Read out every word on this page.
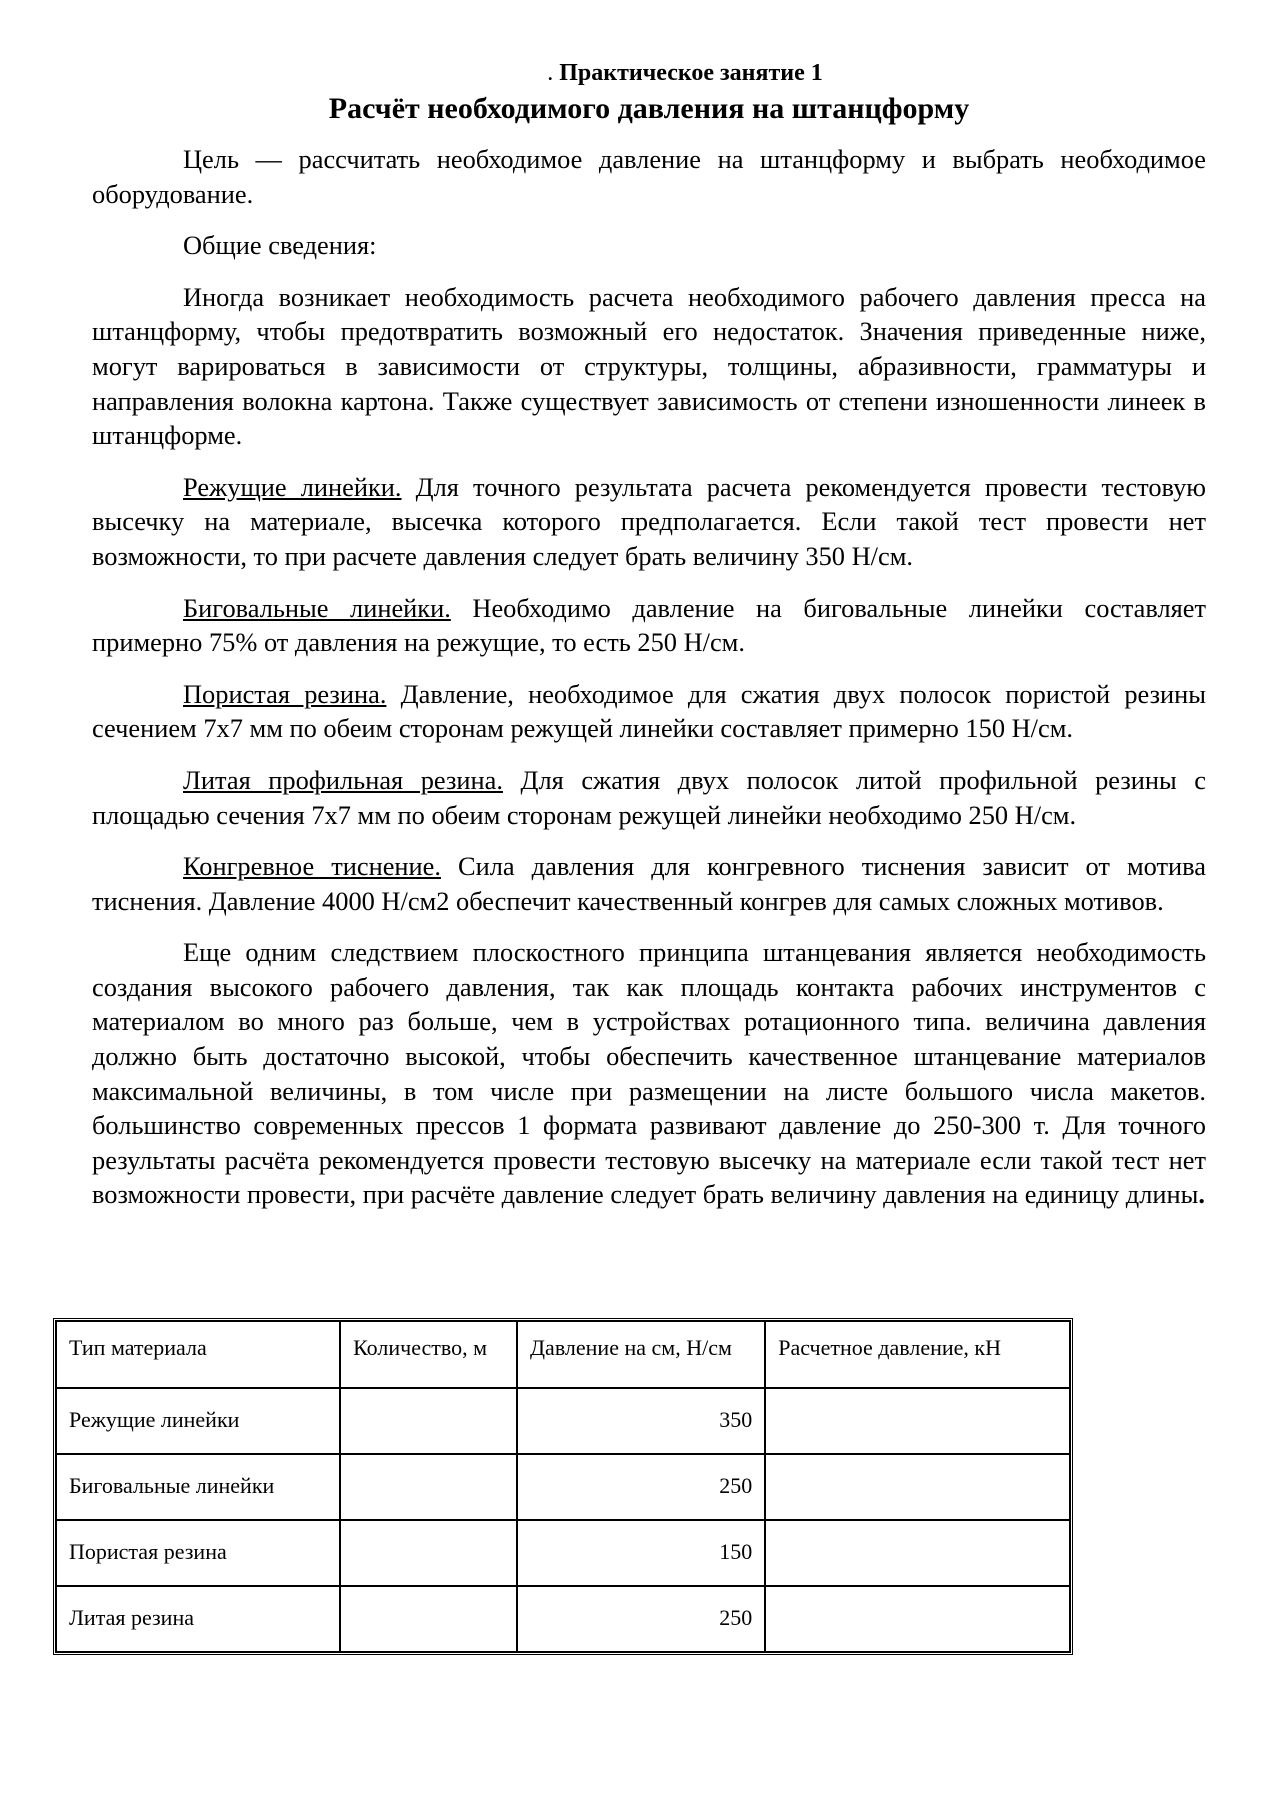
. Практическое занятие 1

Расчёт необходимого давления на штанцформу

Цель — рассчитать необходимое давление на штанцформу и выбрать необходимое оборудование.

Общие сведения:

Иногда возникает необходимость расчета необходимого рабочего давления пресса на штанцформу, чтобы предотвратить возможный его недостаток. Значения приведенные ниже, могут варироваться в зависимости от структуры, толщины, абразивности, грамматуры и направления волокна картона. Также существует зависимость от степени изношенности линеек в штанцформе.

Режущие линейки. Для точного результата расчета рекомендуется провести тестовую высечку на материале, высечка которого предполагается. Если такой тест провести нет возможности, то при расчете давления следует брать величину 350 Н/см.

Биговальные линейки. Необходимо давление на биговальные линейки составляет примерно 75% от давления на режущие, то есть 250 Н/см.

Пористая резина. Давление, необходимое для сжатия двух полосок пористой резины сечением 7х7 мм по обеим сторонам режущей линейки составляет примерно 150 Н/см.

Литая профильная резина. Для сжатия двух полосок литой профильной резины с площадью сечения 7х7 мм по обеим сторонам режущей линейки необходимо 250 Н/см.

Конгревное тиснение. Сила давления для конгревного тиснения зависит от мотива тиснения. Давление 4000 Н/см2 обеспечит качественный конгрев для самых сложных мотивов.

Еще одним следствием плоскостного принципа штанцевания является необходимость создания высокого рабочего давления, так как площадь контакта рабочих инструментов с материалом во много раз больше, чем в устройствах ротационного типа. величина давления должно быть достаточно высокой, чтобы обеспечить качественное штанцевание материалов максимальной величины, в том числе при размещении на листе большого числа макетов. большинство современных прессов 1 формата развивают давление до 250-300 т. Для точного результаты расчёта рекомендуется провести тестовую высечку на материале если такой тест нет возможности провести, при расчёте давление следует брать величину давления на единицу длины.

Тип материала	Количество, м	Давление на см, Н/см	Расчетное давление, кН
Режущие линейки		350	
Биговальные линейки		250	
Пористая резина		150	
Литая резина		250	
